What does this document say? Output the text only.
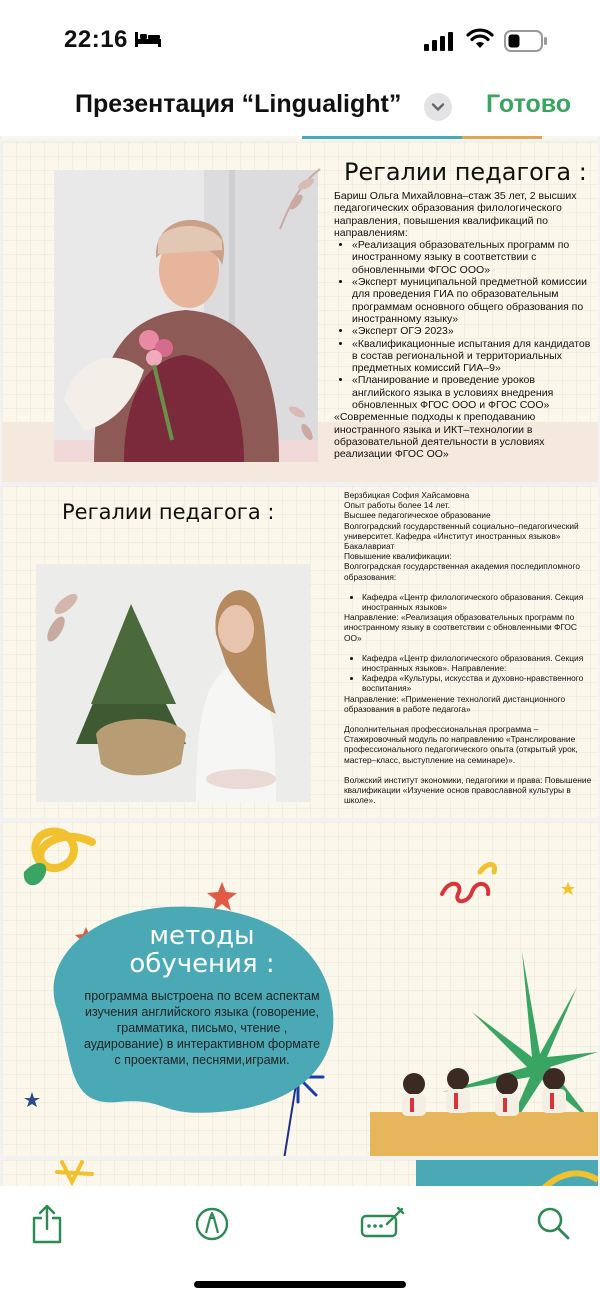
22:16
Презентация “Lingualight”	Готово
Регалии педагога :

Бариш Ольга Михайловна–стаж 35 лет, 2 высших педагогических образования филологического направления, повышения квалификаций по направлениям:

• «Реализация образовательных программ по иностранному языку в соответствии с обновленными ФГОС ООО»
• «Эксперт муниципальной предметной комиссии для проведения ГИА по образовательным программам основного общего образования по иностранному языку»
• «Эксперт ОГЭ 2023»
• «Квалификационные испытания для кандидатов в состав региональной и территориальных предметных комиссий ГИА–9»
• «Планирование и проведение уроков английского языка в условиях внедрения обновленных ФГОС ООО и ФГОС СОО»

«Современные подходы к преподаванию иностранного языка и ИКТ–технологии в образовательной деятельности в условиях реализации ФГОС ОО»

Регалии педагога :

Верзбицкая София Хайсамовна

Опыт работы более 14 лет.

Высшее педагогическое образование

Волгоградский государственный социально–педагогический университет. Кафедра «Институт иностранных языков»

Бакалавриат

Повышение квалификации:

Волгоградская государственная академия последипломного образования:

• Кафедра «Центр филологического образования. Секция иностранных языков»

Направление: «Реализация образовательных программ по иностранному языку в соответствии с обновленными ФГОС ОО»

• Кафедра «Центр филологического образования. Секция иностранных языков». Направление:
• Кафедра «Культуры, искусства и духовно-нравственного воспитания»

Направление: «Применение технологий дистанционного образования в работе педагога»

Дополнительная профессиональная программа – Стажировочный модуль по направлению «Транслирование профессионального педагогического опыта (открытый урок, мастер–класс, выступление на семинаре)».

Волжский институт экономики, педагогики и права: Повышение квалификации «Изучение основ православной культуры в школе».

методы обучения :
программа выстроена по всем аспектам изучения английского языка (говорение, грамматика, письмо, чтение , аудирование) в интерактивном формате с проектами, песнями,играми.
